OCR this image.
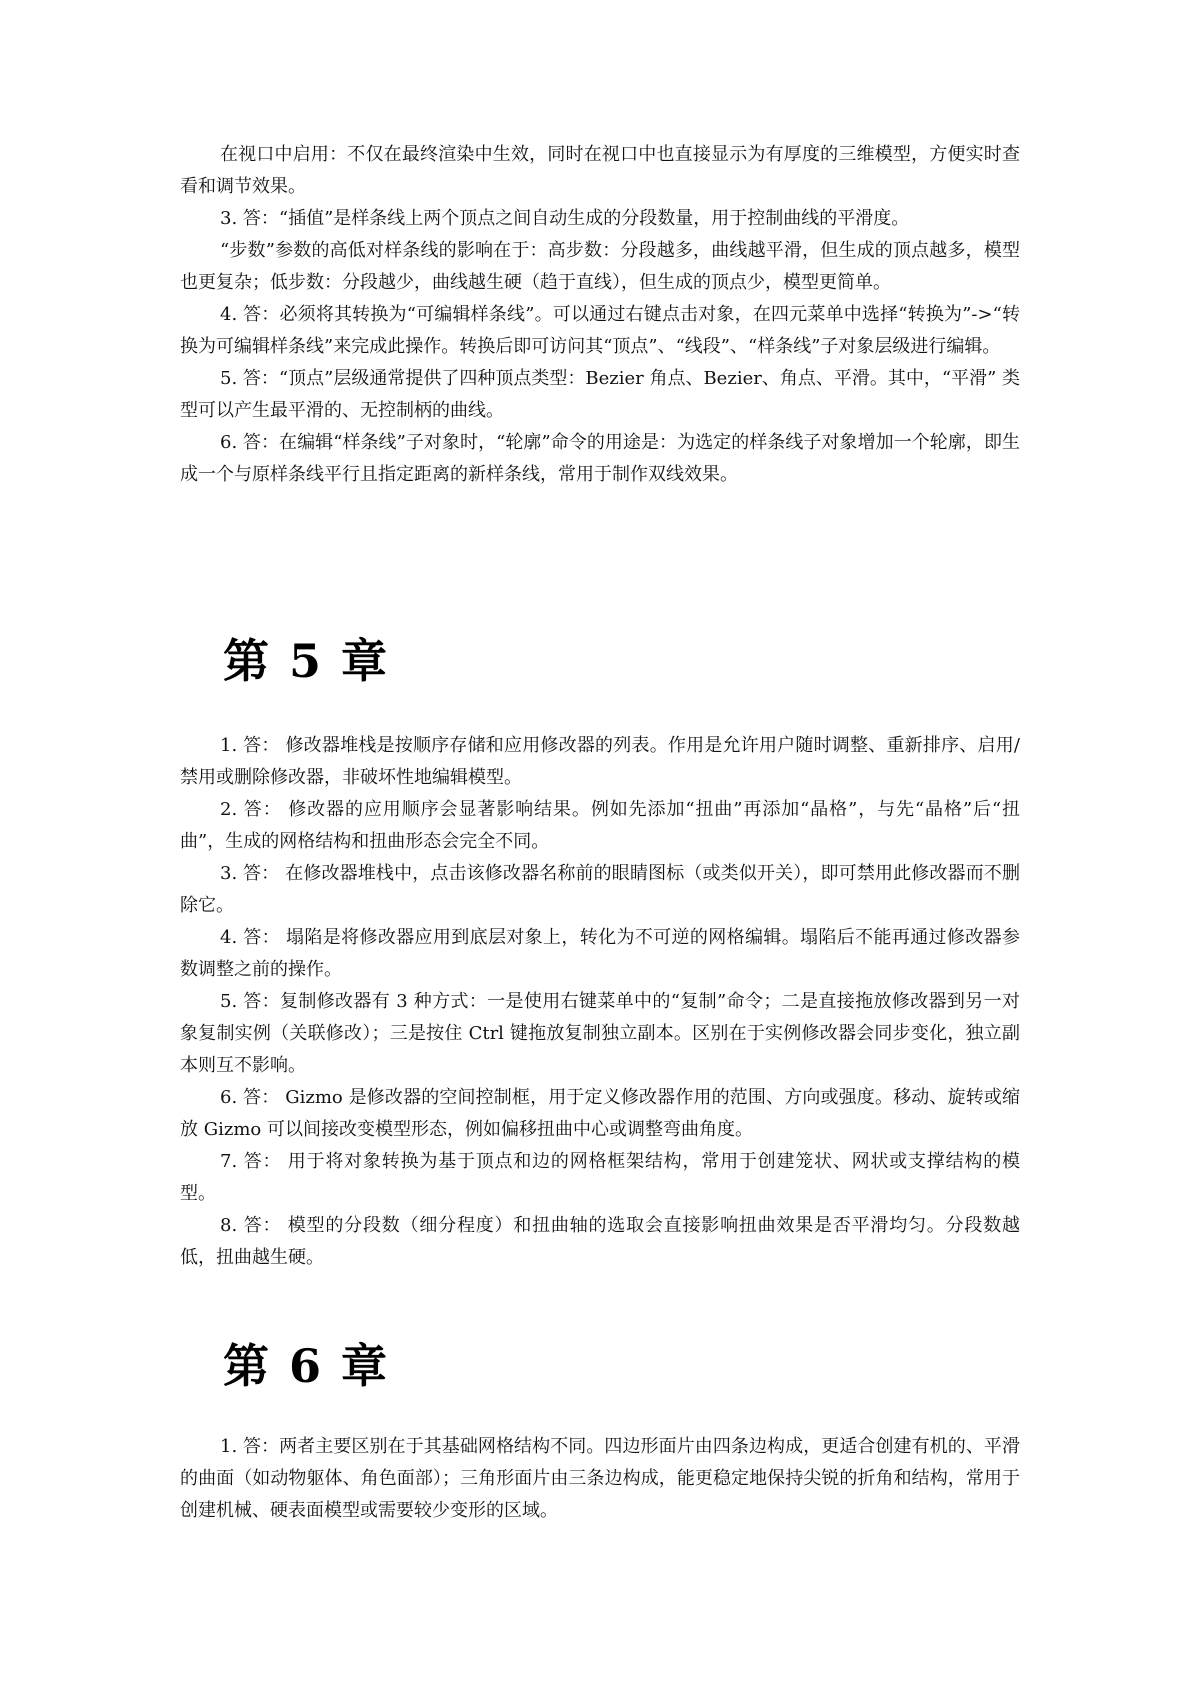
在视口中启用：不仅在最终渲染中生效，同时在视口中也直接显示为有厚度的三维模型，方便实时查看和调节效果。

3. 答：“插值”是样条线上两个顶点之间自动生成的分段数量，用于控制曲线的平滑度。

“步数”参数的高低对样条线的影响在于：高步数：分段越多，曲线越平滑，但生成的顶点越多，模型也更复杂；低步数：分段越少，曲线越生硬（趋于直线），但生成的顶点少，模型更简单。

4. 答：必须将其转换为“可编辑样条线”。可以通过右键点击对象，在四元菜单中选择“转换为”->“转换为可编辑样条线”来完成此操作。转换后即可访问其“顶点”、“线段”、“样条线”子对象层级进行编辑。

5. 答：“顶点”层级通常提供了四种顶点类型：Bezier 角点、Bezier、角点、平滑。其中，“平滑” 类型可以产生最平滑的、无控制柄的曲线。

6. 答：在编辑“样条线”子对象时，“轮廓”命令的用途是：为选定的样条线子对象增加一个轮廓，即生成一个与原样条线平行且指定距离的新样条线，常用于制作双线效果。

第 5 章

1. 答： 修改器堆栈是按顺序存储和应用修改器的列表。作用是允许用户随时调整、重新排序、启用/禁用或删除修改器，非破坏性地编辑模型。

2. 答： 修改器的应用顺序会显著影响结果。例如先添加“扭曲”再添加“晶格”，与先“晶格”后“扭曲”，生成的网格结构和扭曲形态会完全不同。

3. 答： 在修改器堆栈中，点击该修改器名称前的眼睛图标（或类似开关），即可禁用此修改器而不删除它。

4. 答： 塌陷是将修改器应用到底层对象上，转化为不可逆的网格编辑。塌陷后不能再通过修改器参数调整之前的操作。

5. 答：复制修改器有 3 种方式：一是使用右键菜单中的“复制”命令；二是直接拖放修改器到另一对象复制实例（关联修改）；三是按住 Ctrl 键拖放复制独立副本。区别在于实例修改器会同步变化，独立副本则互不影响。

6. 答： Gizmo 是修改器的空间控制框，用于定义修改器作用的范围、方向或强度。移动、旋转或缩放 Gizmo 可以间接改变模型形态，例如偏移扭曲中心或调整弯曲角度。

7. 答： 用于将对象转换为基于顶点和边的网格框架结构，常用于创建笼状、网状或支撑结构的模型。

8. 答： 模型的分段数（细分程度）和扭曲轴的选取会直接影响扭曲效果是否平滑均匀。分段数越低，扭曲越生硬。

第 6 章

1. 答：两者主要区别在于其基础网格结构不同。四边形面片由四条边构成，更适合创建有机的、平滑的曲面（如动物躯体、角色面部）；三角形面片由三条边构成，能更稳定地保持尖锐的折角和结构，常用于创建机械、硬表面模型或需要较少变形的区域。
